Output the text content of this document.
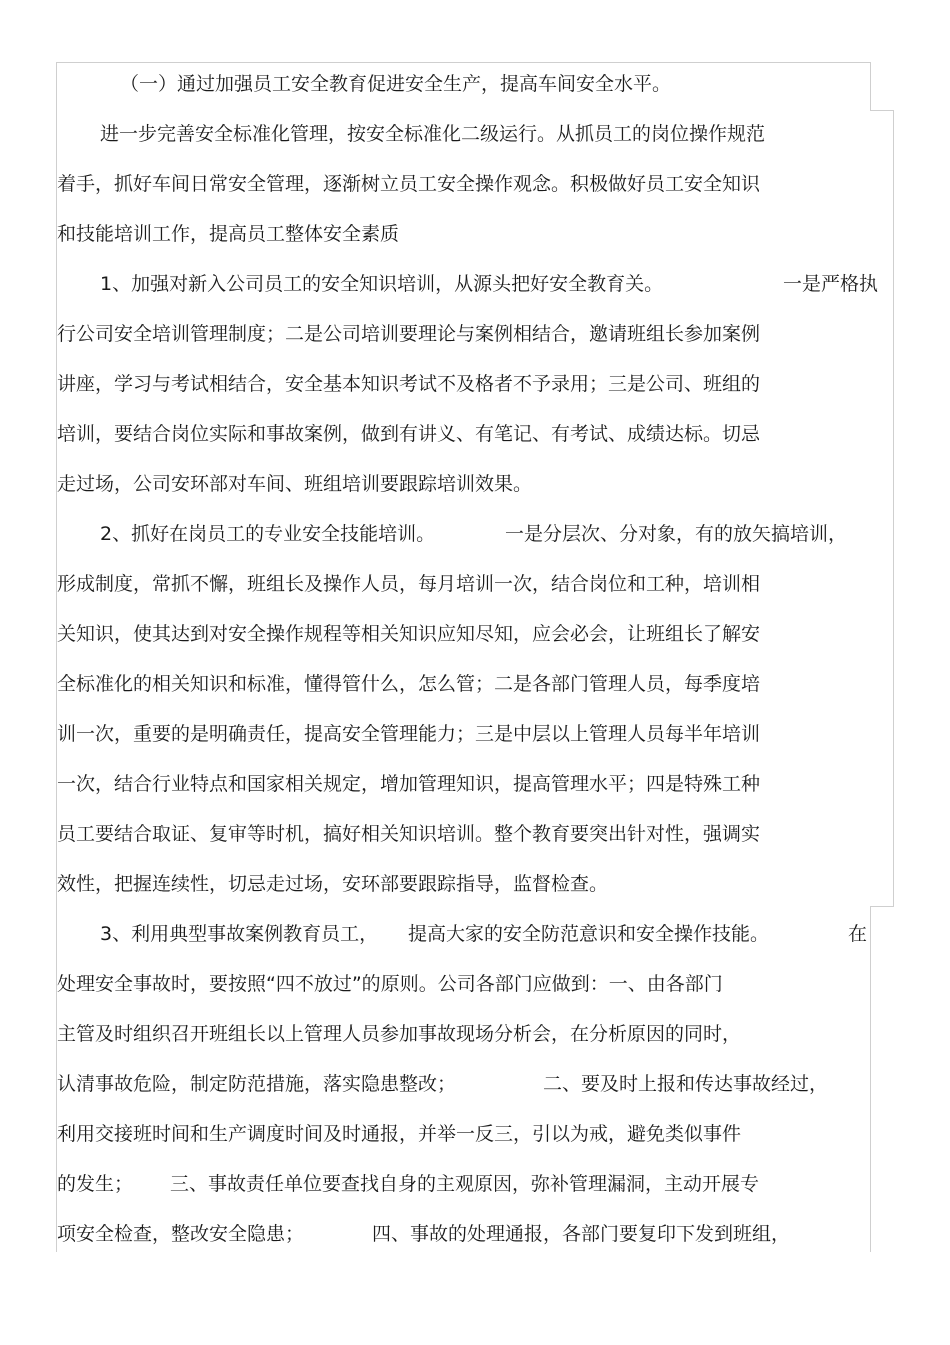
（一）通过加强员工安全教育促进安全生产，提高车间安全水平。
进一步完善安全标准化管理，按安全标准化二级运行。从抓员工的岗位操作规范
着手，抓好车间日常安全管理，逐渐树立员工安全操作观念。积极做好员工安全知识
和技能培训工作，提高员工整体安全素质
1、加强对新入公司员工的安全知识培训，从源头把好安全教育关。	一是严格执
行公司安全培训管理制度；二是公司培训要理论与案例相结合，邀请班组长参加案例
讲座，学习与考试相结合，安全基本知识考试不及格者不予录用；三是公司、班组的
培训，要结合岗位实际和事故案例，做到有讲义、有笔记、有考试、成绩达标。切忌
走过场，公司安环部对车间、班组培训要跟踪培训效果。
2、抓好在岗员工的专业安全技能培训。	一是分层次、分对象，有的放矢搞培训，
形成制度，常抓不懈，班组长及操作人员，每月培训一次，结合岗位和工种，培训相
关知识，使其达到对安全操作规程等相关知识应知尽知，应会必会，让班组长了解安
全标准化的相关知识和标准，懂得管什么，怎么管；二是各部门管理人员，每季度培
训一次，重要的是明确责任，提高安全管理能力；三是中层以上管理人员每半年培训
一次，结合行业特点和国家相关规定，增加管理知识，提高管理水平；四是特殊工种
员工要结合取证、复审等时机，搞好相关知识培训。整个教育要突出针对性，强调实
效性，把握连续性，切忌走过场，安环部要跟踪指导，监督检查。
3、利用典型事故案例教育员工， 提高大家的安全防范意识和安全操作技能。	在
处理安全事故时，要按照“四不放过”的原则。公司各部门应做到：一、由各部门
主管及时组织召开班组长以上管理人员参加事故现场分析会，在分析原因的同时，
认清事故危险，制定防范措施，落实隐患整改；	二、要及时上报和传达事故经过，
利用交接班时间和生产调度时间及时通报，并举一反三，引以为戒，避免类似事件
的发生； 三、事故责任单位要查找自身的主观原因，弥补管理漏洞，主动开展专
项安全检查，整改安全隐患；	四、事故的处理通报，各部门要复印下发到班组，
